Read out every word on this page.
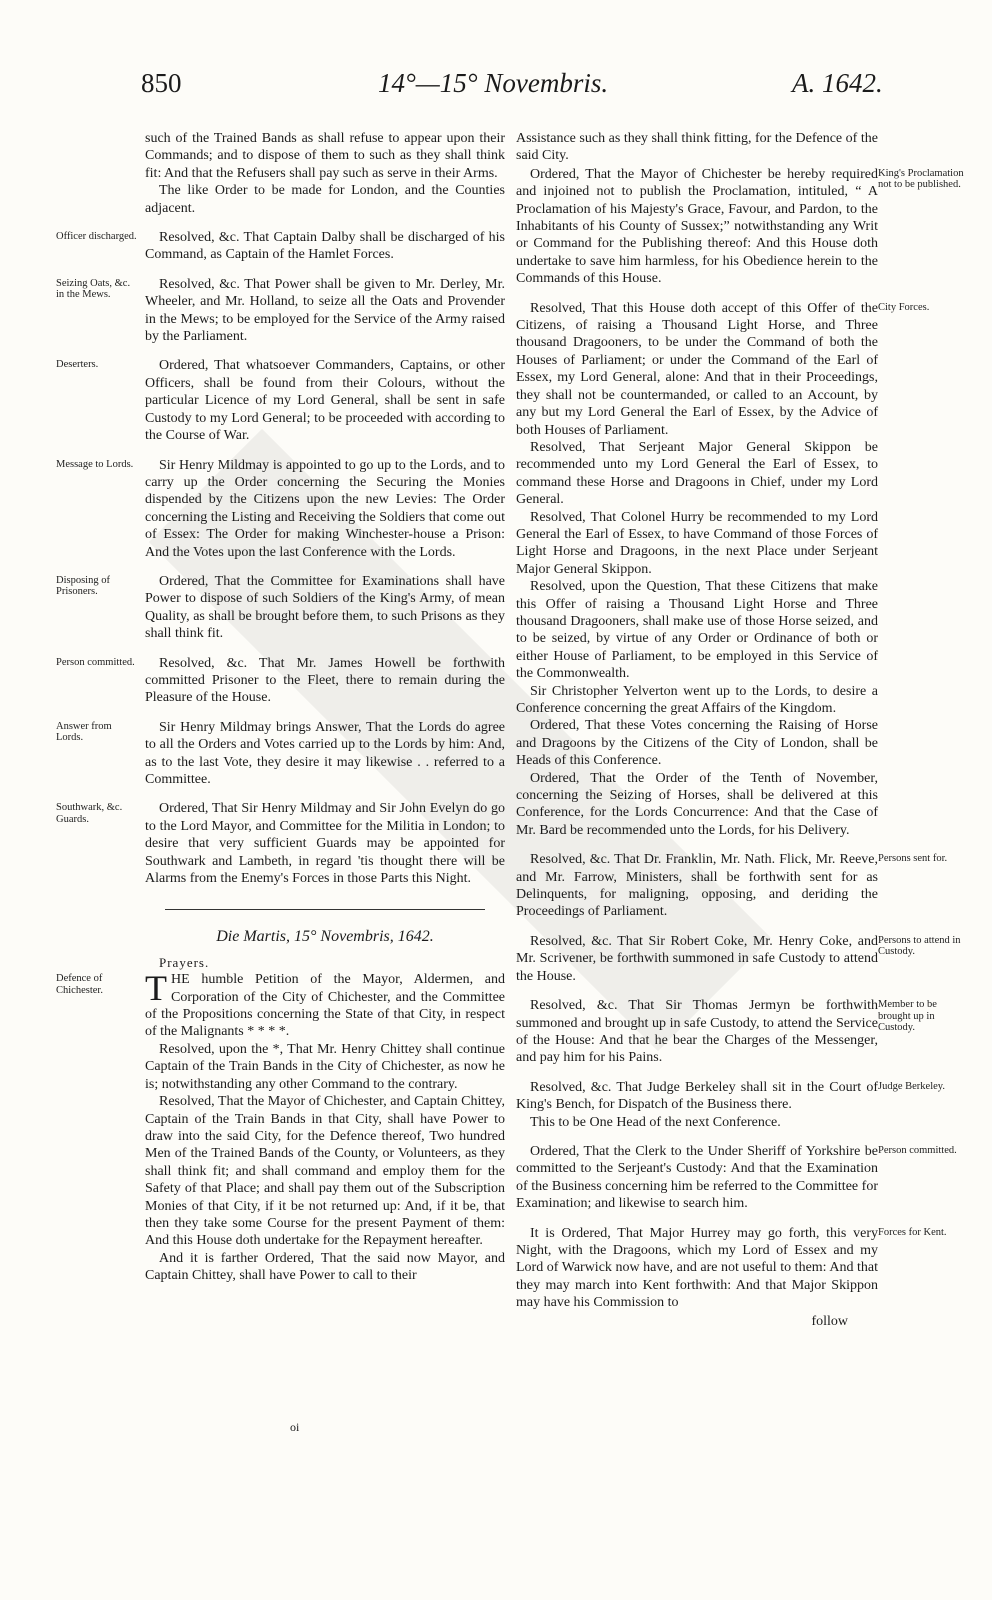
850	14°—15° Novembris.	A. 1642.

such of the Trained Bands as shall refuse to appear upon their Commands; and to dispose of them to such as they shall think fit: And that the Refusers shall pay such as serve in their Arms.

The like Order to be made for London, and the Counties adjacent.

Officer discharged.	Resolved, &c. That Captain Dalby shall be discharged of his Command, as Captain of the Hamlet Forces.

Seizing Oats, &c. in the Mews.

Resolved, &c. That Power shall be given to Mr. Derley, Mr. Wheeler, and Mr. Holland, to seize all the Oats and Provender in the Mews; to be employed for the Service of the Army raised by the Parliament.

Deserters.	Ordered, That whatsoever Commanders, Captains, or other Officers, shall be found from their Colours, without the particular Licence of my Lord General, shall be sent in safe Custody to my Lord General; to be proceeded with according to the Course of War.

Message to Lords.	Sir Henry Mildmay is appointed to go up to the Lords, and to carry up the Order concerning the Securing the Monies dispended by the Citizens upon the new Levies: The Order concerning the Listing and Receiving the Soldiers that come out of Essex: The Order for making Winchester-house a Prison: And the Votes upon the last Conference with the Lords.

Disposing of Prisoners.

Ordered, That the Committee for Examinations shall have Power to dispose of such Soldiers of the King's Army, of mean Quality, as shall be brought before them, to such Prisons as they shall think fit.

Person committed.	Resolved, &c. That Mr. James Howell be forthwith committed Prisoner to the Fleet, there to remain during the Pleasure of the House.

Answer from Lords.

Sir Henry Mildmay brings Answer, That the Lords do agree to all the Orders and Votes carried up to the Lords by him: And, as to the last Vote, they desire it may likewise . . referred to a Committee.

Southwark, &c. Guards.

Ordered, That Sir Henry Mildmay and Sir John Evelyn do go to the Lord Mayor, and Committee for the Militia in London; to desire that very sufficient Guards may be appointed for Southwark and Lambeth, in regard 'tis thought there will be Alarms from the Enemy's Forces in those Parts this Night.

Die Martis, 15° Novembris, 1642.
Prayers.
Defence of Chichester.	THE humble Petition of the Mayor, Aldermen, and Corporation of the City of Chichester, and the Committee of the Propositions concerning the State of that City, in respect of the Malignants * * * *.

Resolved, upon the *, That Mr. Henry Chittey shall continue Captain of the Train Bands in the City of Chichester, as now he is; notwithstanding any other Command to the contrary.

Resolved, That the Mayor of Chichester, and Captain Chittey, Captain of the Train Bands in that City, shall have Power to draw into the said City, for the Defence thereof, Two hundred Men of the Trained Bands of the County, or Volunteers, as they shall think fit; and shall command and employ them for the Safety of that Place; and shall pay them out of the Subscription Monies of that City, if it be not returned up: And, if it be, that then they take some Course for the present Payment of them: And this House doth undertake for the Repayment hereafter.

And it is farther Ordered, That the said now Mayor, and Captain Chittey, shall have Power to call to their

oi

Assistance such as they shall think fitting, for the Defence of the said City.

King's Proclamation not to be published.

Ordered, That the Mayor of Chichester be hereby required and injoined not to publish the Proclamation, intituled, “ A Proclamation of his Majesty's Grace, Favour, and Pardon, to the Inhabitants of his County of Sussex;” notwithstanding any Writ or Command for the Publishing thereof: And this House doth undertake to save him harmless, for his Obedience herein to the Commands of this House.

City Forces.

Resolved, That this House doth accept of this Offer of the Citizens, of raising a Thousand Light Horse, and Three thousand Dragooners, to be under the Command of both the Houses of Parliament; or under the Command of the Earl of Essex, my Lord General, alone: And that in their Proceedings, they shall not be countermanded, or called to an Account, by any but my Lord General the Earl of Essex, by the Advice of both Houses of Parliament.

Resolved, That Serjeant Major General Skippon be recommended unto my Lord General the Earl of Essex, to command these Horse and Dragoons in Chief, under my Lord General.

Resolved, That Colonel Hurry be recommended to my Lord General the Earl of Essex, to have Command of those Forces of Light Horse and Dragoons, in the next Place under Serjeant Major General Skippon.

Resolved, upon the Question, That these Citizens that make this Offer of raising a Thousand Light Horse and Three thousand Dragooners, shall make use of those Horse seized, and to be seized, by virtue of any Order or Ordinance of both or either House of Parliament, to be employed in this Service of the Commonwealth.

Sir Christopher Yelverton went up to the Lords, to desire a Conference concerning the great Affairs of the Kingdom.

Ordered, That these Votes concerning the Raising of Horse and Dragoons by the Citizens of the City of London, shall be Heads of this Conference.

Ordered, That the Order of the Tenth of November, concerning the Seizing of Horses, shall be delivered at this Conference, for the Lords Concurrence: And that the Case of Mr. Bard be recommended unto the Lords, for his Delivery.

Persons sent for.

Resolved, &c. That Dr. Franklin, Mr. Nath. Flick, Mr. Reeve, and Mr. Farrow, Ministers, shall be forthwith sent for as Delinquents, for maligning, opposing, and deriding the Proceedings of Parliament.

Persons to attend in Custody.

Resolved, &c. That Sir Robert Coke, Mr. Henry Coke, and Mr. Scrivener, be forthwith summoned in safe Custody to attend the House.

Member to be brought up in Custody.

Resolved, &c. That Sir Thomas Jermyn be forthwith summoned and brought up in safe Custody, to attend the Service of the House: And that he bear the Charges of the Messenger, and pay him for his Pains.

Judge Berkeley.

Resolved, &c. That Judge Berkeley shall sit in the Court of King's Bench, for Dispatch of the Business there.

This to be One Head of the next Conference.

Person committed.

Ordered, That the Clerk to the Under Sheriff of Yorkshire be committed to the Serjeant's Custody: And that the Examination of the Business concerning him be referred to the Committee for Examination; and likewise to search him.

Forces for Kent.

It is Ordered, That Major Hurrey may go forth, this very Night, with the Dragoons, which my Lord of Essex and my Lord of Warwick now have, and are not useful to them: And that they may march into Kent forthwith: And that Major Skippon may have his Commission to

follow
